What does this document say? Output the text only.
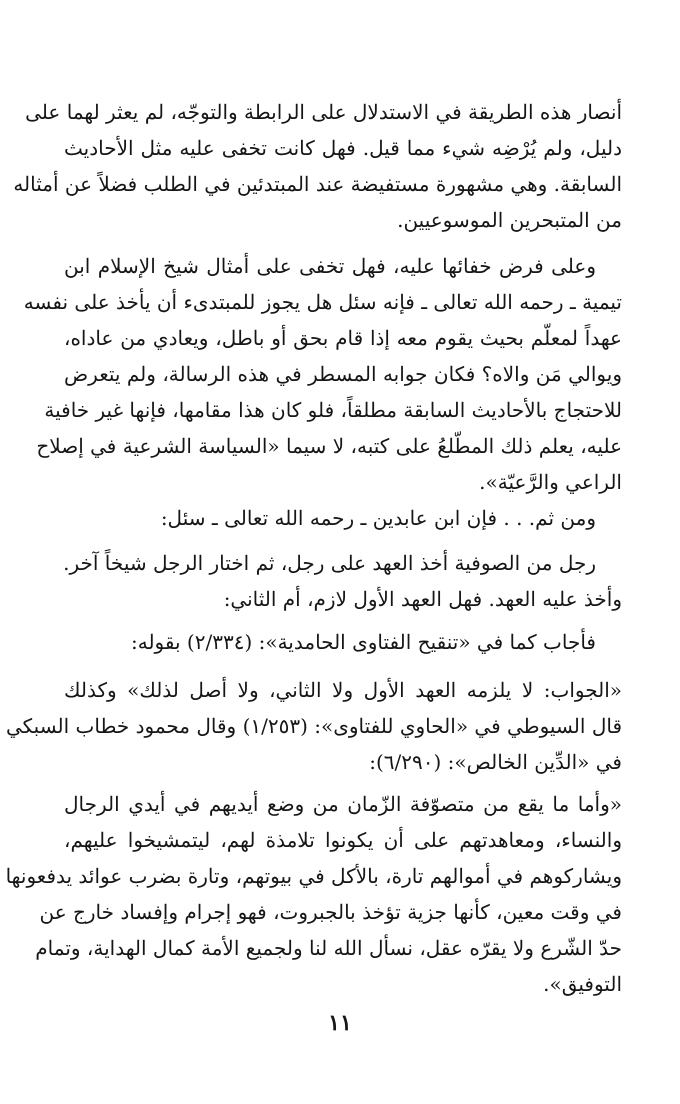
أنصار هذه الطريقة في الاستدلال على الرابطة والتوجّه، لم يعثر لهما على
دليل، ولم يُرْضِه شيء مما قيل. فهل كانت تخفى عليه مثل الأحاديث
السابقة. وهي مشهورة مستفيضة عند المبتدئين في الطلب فضلاً عن أمثاله
من المتبحرين الموسوعيين.
وعلى فرض خفائها عليه، فهل تخفى على أمثال شيخ الإسلام ابن
تيمية ـ رحمه الله تعالى ـ فإنه سئل هل يجوز للمبتدىء أن يأخذ على نفسه
عهداً لمعلّم بحيث يقوم معه إذا قام بحق أو باطل، ويعادي من عاداه،
ويوالي مَن والاه؟ فكان جوابه المسطر في هذه الرسالة، ولم يتعرض
للاحتجاج بالأحاديث السابقة مطلقاً، فلو كان هذا مقامها، فإنها غير خافية
عليه، يعلم ذلك المطّلعُ على كتبه، لا سيما «السياسة الشرعية في إصلاح
الراعي والرَّعيّة».
ومن ثم. . . فإن ابن عابدين ـ رحمه الله تعالى ـ سئل:
رجل من الصوفية أخذ العهد على رجل، ثم اختار الرجل شيخاً آخر.
وأخذ عليه العهد. فهل العهد الأول لازم، أم الثاني:
فأجاب كما في «تنقيح الفتاوى الحامدية»: (٢/٣٣٤) بقوله:
«الجواب: لا يلزمه العهد الأول ولا الثاني، ولا أصل لذلك» وكذلك
قال السيوطي في «الحاوي للفتاوى»: (١/٢٥٣) وقال محمود خطاب السبكي
في «الدِّين الخالص»: (٦/٢٩٠):
«وأما ما يقع من متصوّفة الزّمان من وضع أيديهم في أيدي الرجال
والنساء، ومعاهدتهم على أن يكونوا تلامذة لهم، ليتمشيخوا عليهم،
ويشاركوهم في أموالهم تارة، بالأكل في بيوتهم، وتارة بضرب عوائد يدفعونها
في وقت معين، كأنها جزية تؤخذ بالجبروت، فهو إجرام وإفساد خارج عن
حدّ الشّرع ولا يقرّه عقل، نسأل الله لنا ولجميع الأمة كمال الهداية، وتمام
التوفيق».
١١
